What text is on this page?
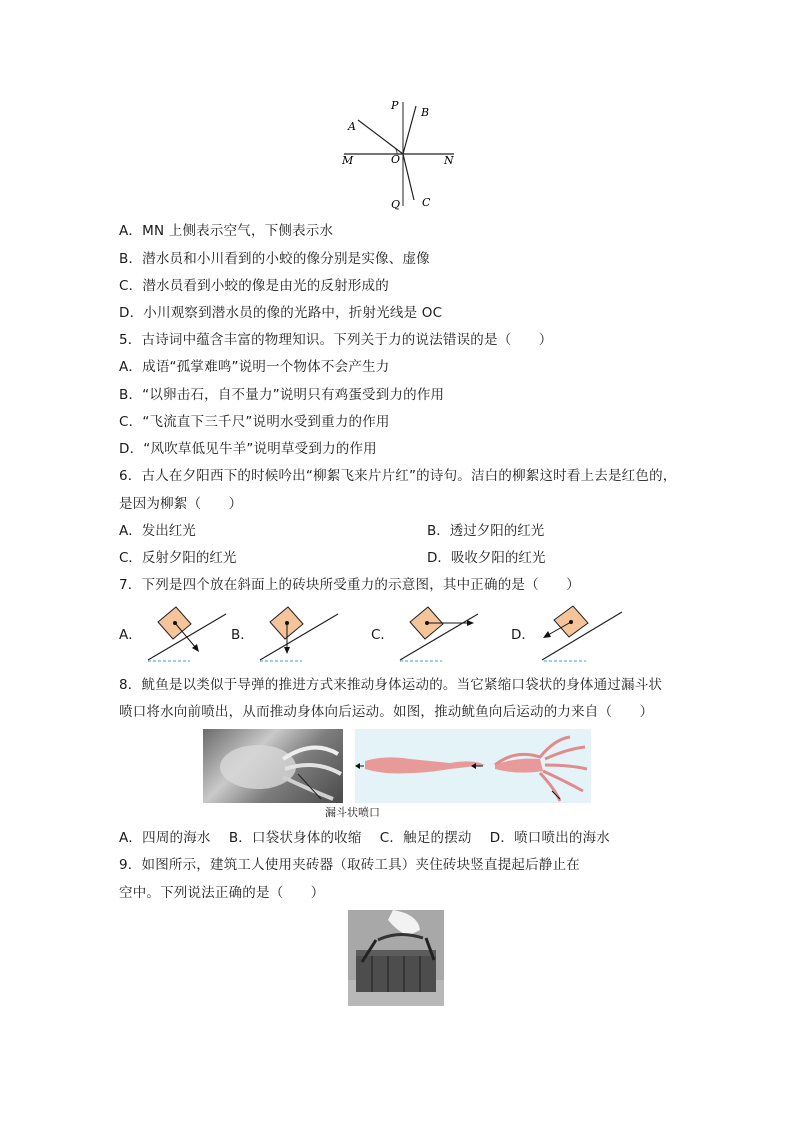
P
B
A
M	O	N
Q C
A．MN 上侧表示空气，下侧表示水
B．潜水员和小川看到的小蛟的像分别是实像、虚像
C．潜水员看到小蛟的像是由光的反射形成的
D．小川观察到潜水员的像的光路中，折射光线是 OC
5．古诗词中蕴含丰富的物理知识。下列关于力的说法错误的是（　　）
A．成语“孤掌难鸣”说明一个物体不会产生力
B．“以卵击石，自不量力”说明只有鸡蛋受到力的作用
C．“飞流直下三千尺”说明水受到重力的作用
D．“风吹草低见牛羊”说明草受到力的作用
6．古人在夕阳西下的时候吟出“柳絮飞来片片红”的诗句。洁白的柳絮这时看上去是红色的，
是因为柳絮（　　）
A．发出红光	B．透过夕阳的红光
C．反射夕阳的红光	D．吸收夕阳的红光
7．下列是四个放在斜面上的砖块所受重力的示意图，其中正确的是（　　）
A．	B．	C．	D．
8．鱿鱼是以类似于导弹的推进方式来推动身体运动的。当它紧缩口袋状的身体通过漏斗状
喷口将水向前喷出，从而推动身体向后运动。如图，推动鱿鱼向后运动的力来自（　　）
漏斗状喷口
A．四周的海水　 B．口袋状身体的收缩　 C．触足的摆动　 D．喷口喷出的海水
9．如图所示，建筑工人使用夹砖器（取砖工具）夹住砖块竖直提起后静止在
空中。下列说法正确的是（　　）
